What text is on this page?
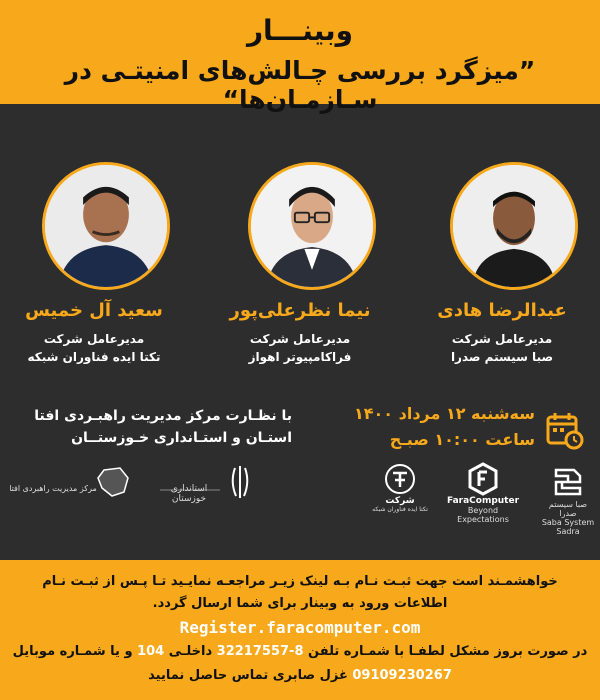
وبینـــار
”میزگرد بررسی چـالش‌های امنیتـی در سـازمـان‌ها“
عبدالرضا هادی
مدیرعامل شرکت
صبا سیستم صدرا
نیما نظرعلی‌پور
مدیرعامل شرکت
فراکامپیوتر اهواز
سعید آل خمیس
مدیرعامل شرکت
تکتا ایده فناوران شبکه
سه‌شنبه ۱۲ مرداد ۱۴۰۰
ساعت ۱۰:۰۰ صبـح
با نظـارت مرکز مدیریت راهبـردی افتا
استـان و استـانداری خـوزستــان
صبا سیستم صدرا
Saba System Sadra
FaraComputer
Beyond Expectations
شرکت
تکتا ایده فناوران شبکه
استانداری خوزستان
مرکز مدیریت راهبردی افتا
خواهشمـند است جهت ثبـت نـام بـه لینک زیـر مراجعـه نمایـید تـا پـس از ثبـت نـام
اطلاعات ورود به وبینار برای شما ارسال گردد.
Register.faracomputer.com
در صورت بروز مشکل لطفـا با شمـاره تلفن 8-32217557 داخلـی 104 و یا شمـاره موبایل
09109230267 غزل صابری تماس حاصل نمایید
